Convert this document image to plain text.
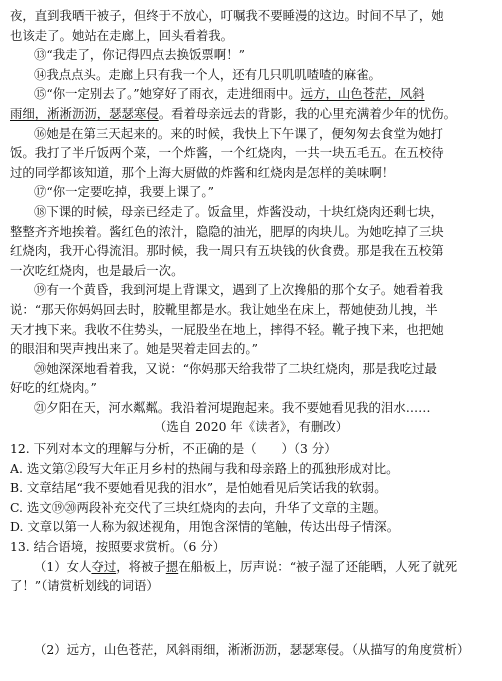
夜，直到我晒干被子，但终于不放心，叮嘱我不要睡漫的这边。时间不早了，她
也该走了。她站在走廊上，回头看着我。
⑬“我走了，你记得四点去换饭票啊！”
⑭我点点头。走廊上只有我一个人，还有几只叽叽喳喳的麻雀。
⑮“你一定别去了。”她穿好了雨衣，走进细雨中。远方，山色苍茫，风斜
雨细，淅淅沥沥，瑟瑟寒侵。看着母亲远去的背影，我的心里充满着少年的忧伤。
⑯她是在第三天起来的。来的时候，我快上下午课了，便匆匆去食堂为她打
饭。我打了半斤饭两个菜，一个炸酱，一个红烧肉，一共一块五毛五。在五校待
过的同学都该知道，那个上海大厨做的炸酱和红烧肉是怎样的美味啊！
⑰“你一定要吃掉，我要上课了。”
⑱下课的时候，母亲已经走了。饭盒里，炸酱没动，十块红烧肉还剩七块，
整整齐齐地挨着。酱红色的浓汁，隐隐的油光，肥厚的肉块儿。为她吃掉了三块
红烧肉，我开心得流泪。那时候，我一周只有五块钱的伙食费。那是我在五校第
一次吃红烧肉，也是最后一次。
⑲有一个黄昏，我到河堤上背课文，遇到了上次搀船的那个女子。她看着我
说：“那天你妈妈回去时，胶靴里都是水。我让她坐在床上，帮她使劲儿拽，半
天才拽下来。我收不住势头，一屁股坐在地上，摔得不轻。靴子拽下来，也把她
的眼泪和哭声拽出来了。她是哭着走回去的。”
⑳她深深地看着我，又说：“你妈那天给我带了二块红烧肉，那是我吃过最
好吃的红烧肉。”
㉑夕阳在天，河水粼粼。我沿着河堤跑起来。我不要她看见我的泪水……
（选自 2020 年《读者》，有删改）
12. 下列对本文的理解与分析，不正确的是（　　）（3 分）
A. 选文第②段写大年正月乡村的热闹与我和母亲路上的孤独形成对比。
B. 文章结尾“我不要她看见我的泪水”，是怕她看见后笑话我的软弱。
C. 选文⑲⑳两段补充交代了三块红烧肉的去向，升华了文章的主题。
D. 文章以第一人称为叙述视角，用饱含深情的笔触，传达出母子情深。
13. 结合语境，按照要求赏析。（6 分）
（1）女人夺过，将被子摁在船板上，厉声说：“被子湿了还能晒，人死了就死
了！”（请赏析划线的词语）
（2）远方，山色苍茫，风斜雨细，淅淅沥沥，瑟瑟寒侵。（从描写的角度赏析）
